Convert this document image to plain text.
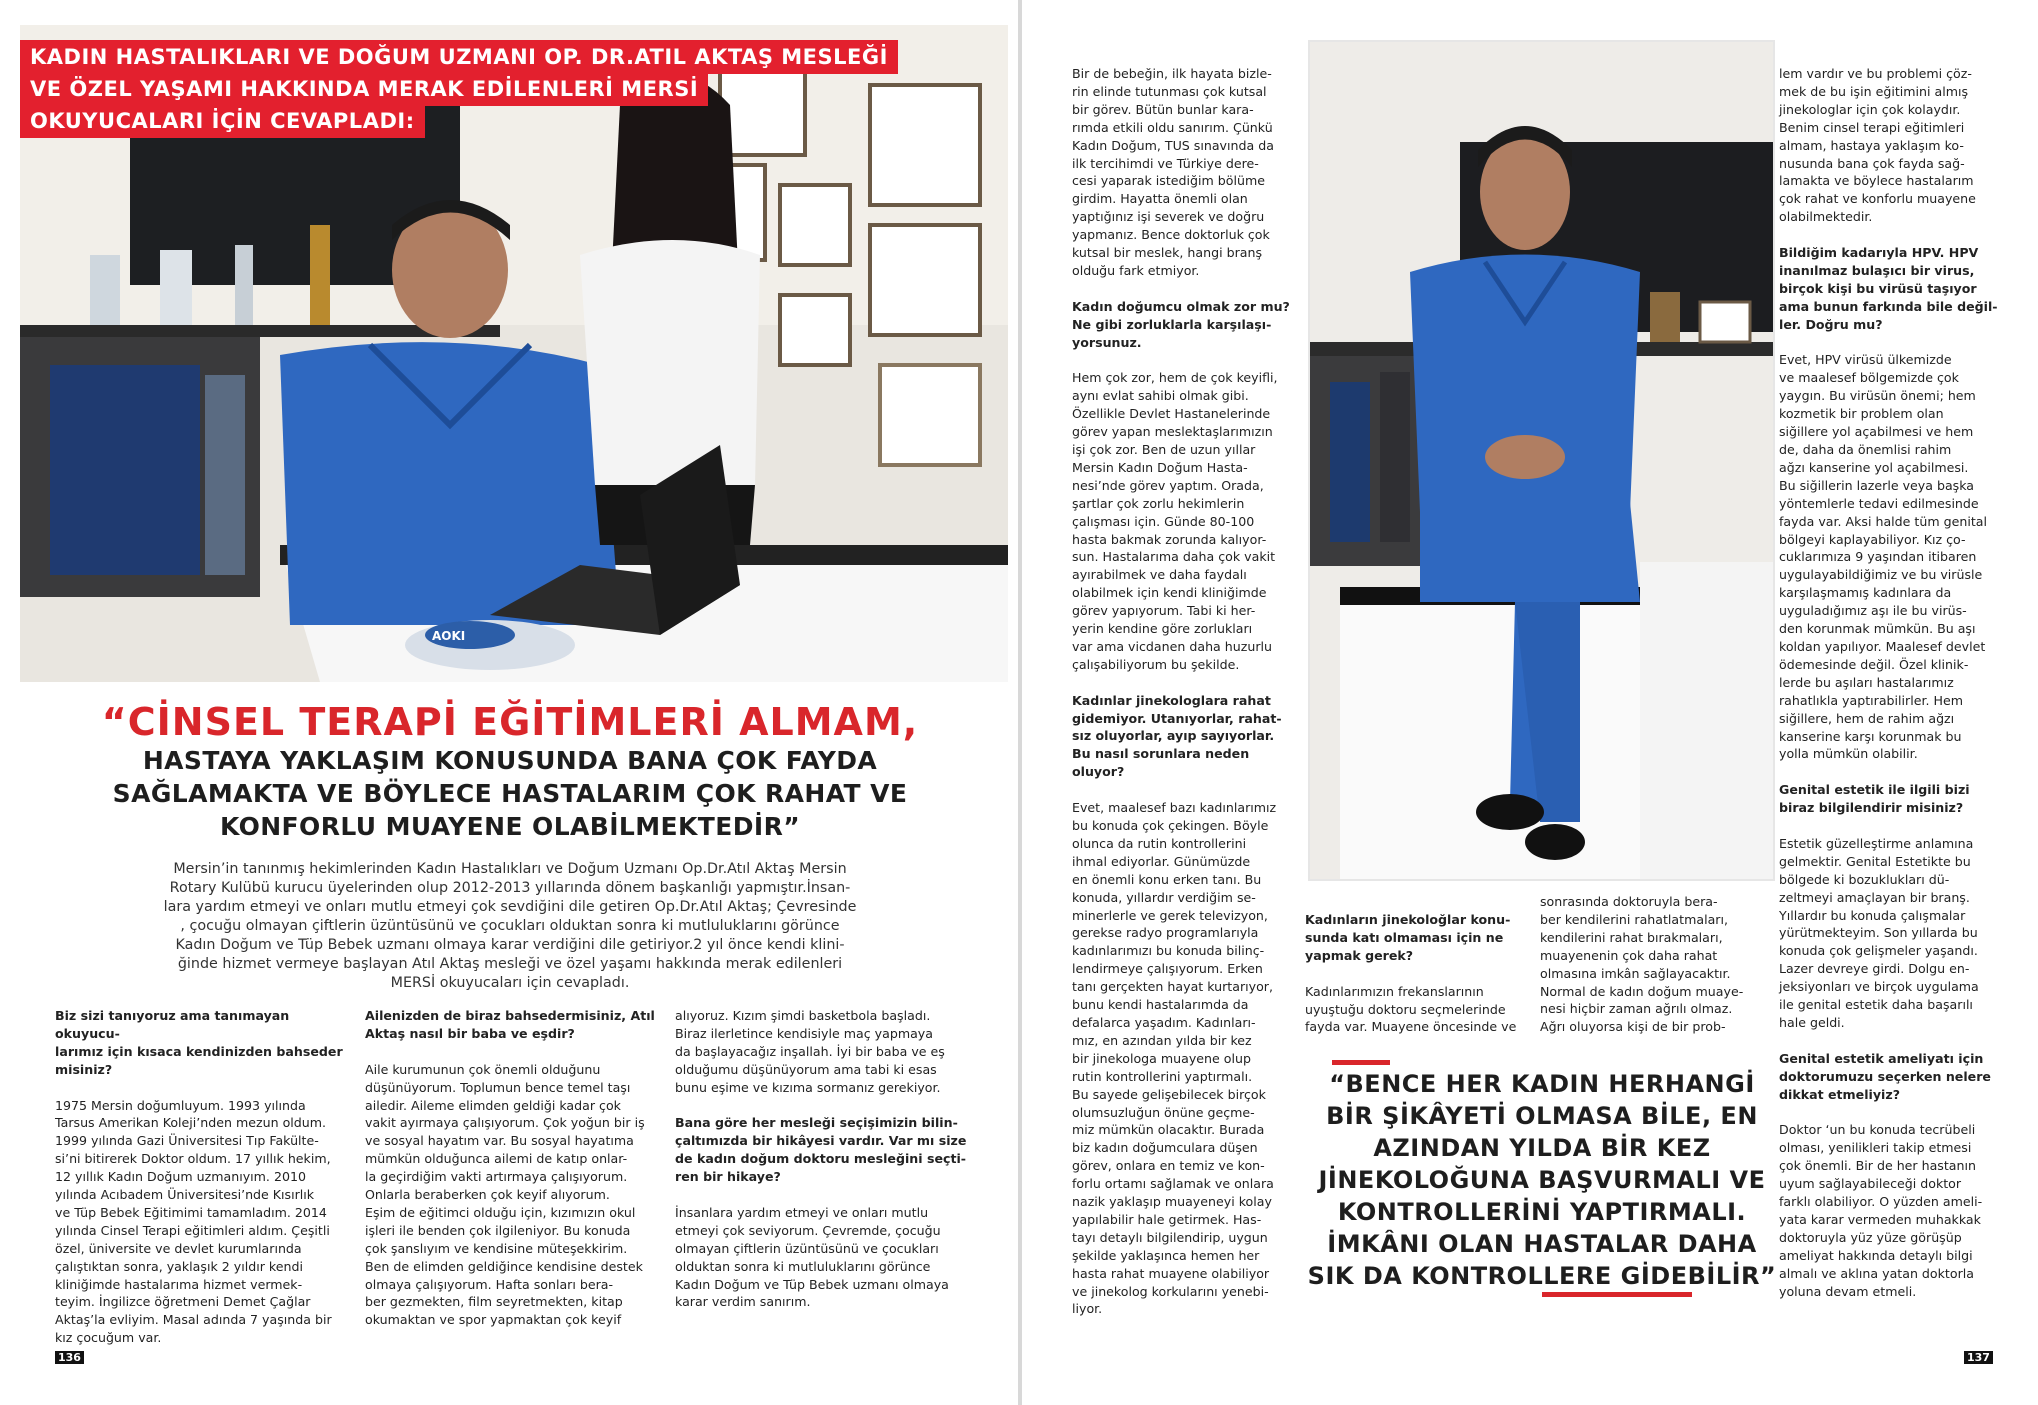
AOKI
KADIN HASTALIKLARI VE DOĞUM UZMANI OP. DR.ATIL AKTAŞ MESLEĞİ
VE ÖZEL YAŞAMI HAKKINDA MERAK EDİLENLERİ MERSİ
OKUYUCALARI İÇİN CEVAPLADI:
“CİNSEL TERAPİ EĞİTİMLERİ ALMAM,
HASTAYA YAKLAŞIM KONUSUNDA BANA ÇOK FAYDA
SAĞLAMAKTA VE BÖYLECE HASTALARIM ÇOK RAHAT VE
KONFORLU MUAYENE OLABİLMEKTEDİR”
Mersin’in tanınmış hekimlerinden Kadın Hastalıkları ve Doğum Uzmanı Op.Dr.Atıl Aktaş Mersin
Rotary Kulübü kurucu üyelerinden olup 2012-2013 yıllarında dönem başkanlığı yapmıştır.İnsan-
lara yardım etmeyi ve onları mutlu etmeyi çok sevdiğini dile getiren Op.Dr.Atıl Aktaş; Çevresinde
, çocuğu olmayan çiftlerin üzüntüsünü ve çocukları olduktan sonra ki mutluluklarını görünce
Kadın Doğum ve Tüp Bebek uzmanı olmaya karar verdiğini dile getiriyor.2 yıl önce kendi klini-
ğinde hizmet vermeye başlayan Atıl Aktaş mesleği ve özel yaşamı hakkında merak edilenleri
MERSİ okuyucaları için cevapladı.

Biz sizi tanıyoruz ama tanımayan okuyucu-
larımız için kısaca kendinizden bahseder
misiniz?

1975 Mersin doğumluyum. 1993 yılında
Tarsus Amerikan Koleji’nden mezun oldum.
1999 yılında Gazi Üniversitesi Tıp Fakülte-
si’ni bitirerek Doktor oldum. 17 yıllık hekim,
12 yıllık Kadın Doğum uzmanıyım. 2010
yılında Acıbadem Üniversitesi’nde Kısırlık
ve Tüp Bebek Eğitimimi tamamladım. 2014
yılında Cinsel Terapi eğitimleri aldım. Çeşitli
özel, üniversite ve devlet kurumlarında
çalıştıktan sonra, yaklaşık 2 yıldır kendi
kliniğimde hastalarıma hizmet vermek-
teyim. İngilizce öğretmeni Demet Çağlar
Aktaş’la evliyim. Masal adında 7 yaşında bir
kız çocuğum var.

Ailenizden de biraz bahsedermisiniz, Atıl
Aktaş nasıl bir baba ve eşdir?

Aile kurumunun çok önemli olduğunu
düşünüyorum. Toplumun bence temel taşı
ailedir. Aileme elimden geldiği kadar çok
vakit ayırmaya çalışıyorum. Çok yoğun bir iş
ve sosyal hayatım var. Bu sosyal hayatıma
mümkün olduğunca ailemi de katıp onlar-
la geçirdiğim vakti artırmaya çalışıyorum.
Onlarla beraberken çok keyif alıyorum.
Eşim de eğitimci olduğu için, kızımızın okul
işleri ile benden çok ilgileniyor. Bu konuda
çok şanslıyım ve kendisine müteşekkirim.
Ben de elimden geldiğince kendisine destek
olmaya çalışıyorum. Hafta sonları bera-
ber gezmekten, film seyretmekten, kitap
okumaktan ve spor yapmaktan çok keyif

alıyoruz. Kızım şimdi basketbola başladı.
Biraz ilerletince kendisiyle maç yapmaya
da başlayacağız inşallah. İyi bir baba ve eş
olduğumu düşünüyorum ama tabi ki esas
bunu eşime ve kızıma sormanız gerekiyor.

Bana göre her mesleği seçişimizin bilin-
çaltımızda bir hikâyesi vardır. Var mı size
de kadın doğum doktoru mesleğini seçti-
ren bir hikaye?

İnsanlara yardım etmeyi ve onları mutlu
etmeyi çok seviyorum. Çevremde, çocuğu
olmayan çiftlerin üzüntüsünü ve çocukları
olduktan sonra ki mutluluklarını görünce
Kadın Doğum ve Tüp Bebek uzmanı olmaya
karar verdim sanırım.

136

Bir de bebeğin, ilk hayata bizle-
rin elinde tutunması çok kutsal
bir görev. Bütün bunlar kara-
rımda etkili oldu sanırım. Çünkü
Kadın Doğum, TUS sınavında da
ilk tercihimdi ve Türkiye dere-
cesi yaparak istediğim bölüme
girdim. Hayatta önemli olan
yaptığınız işi severek ve doğru
yapmanız. Bence doktorluk çok
kutsal bir meslek, hangi branş
olduğu fark etmiyor.

Kadın doğumcu olmak zor mu?
Ne gibi zorluklarla karşılaşı-
yorsunuz.

Hem çok zor, hem de çok keyifli,
aynı evlat sahibi olmak gibi.
Özellikle Devlet Hastanelerinde
görev yapan meslektaşlarımızın
işi çok zor. Ben de uzun yıllar
Mersin Kadın Doğum Hasta-
nesi’nde görev yaptım. Orada,
şartlar çok zorlu hekimlerin
çalışması için. Günde 80-100
hasta bakmak zorunda kalıyor-
sun. Hastalarıma daha çok vakit
ayırabilmek ve daha faydalı
olabilmek için kendi kliniğimde
görev yapıyorum. Tabi ki her-
yerin kendine göre zorlukları
var ama vicdanen daha huzurlu
çalışabiliyorum bu şekilde.

Kadınlar jinekologlara rahat
gidemiyor. Utanıyorlar, rahat-
sız oluyorlar, ayıp sayıyorlar.
Bu nasıl sorunlara neden
oluyor?

Evet, maalesef bazı kadınlarımız
bu konuda çok çekingen. Böyle
olunca da rutin kontrollerini
ihmal ediyorlar. Günümüzde
en önemli konu erken tanı. Bu
konuda, yıllardır verdiğim se-
minerlerle ve gerek televizyon,
gerekse radyo programlarıyla
kadınlarımızı bu konuda bilinç-
lendirmeye çalışıyorum. Erken
tanı gerçekten hayat kurtarıyor,
bunu kendi hastalarımda da
defalarca yaşadım. Kadınları-
mız, en azından yılda bir kez
bir jinekologa muayene olup
rutin kontrollerini yaptırmalı.
Bu sayede gelişebilecek birçok
olumsuzluğun önüne geçme-
miz mümkün olacaktır. Burada
biz kadın doğumculara düşen
görev, onlara en temiz ve kon-
forlu ortamı sağlamak ve onlara
nazik yaklaşıp muayeneyi kolay
yapılabilir hale getirmek. Has-
tayı detaylı bilgilendirip, uygun
şekilde yaklaşınca hemen her
hasta rahat muayene olabiliyor
ve jinekolog korkularını yenebi-
liyor.

lem vardır ve bu problemi çöz-
mek de bu işin eğitimini almış
jinekologlar için çok kolaydır.
Benim cinsel terapi eğitimleri
almam, hastaya yaklaşım ko-
nusunda bana çok fayda sağ-
lamakta ve böylece hastalarım
çok rahat ve konforlu muayene
olabilmektedir.

Bildiğim kadarıyla HPV. HPV
inanılmaz bulaşıcı bir virus,
birçok kişi bu virüsü taşıyor
ama bunun farkında bile değil-
ler. Doğru mu?

Evet, HPV virüsü ülkemizde
ve maalesef bölgemizde çok
yaygın. Bu virüsün önemi; hem
kozmetik bir problem olan
siğillere yol açabilmesi ve hem
de, daha da önemlisi rahim
ağzı kanserine yol açabilmesi.
Bu siğillerin lazerle veya başka
yöntemlerle tedavi edilmesinde
fayda var. Aksi halde tüm genital
bölgeyi kaplayabiliyor. Kız ço-
cuklarımıza 9 yaşından itibaren
uygulayabildiğimiz ve bu virüsle
karşılaşmamış kadınlara da
uyguladığımız aşı ile bu virüs-
den korunmak mümkün. Bu aşı
koldan yapılıyor. Maalesef devlet
ödemesinde değil. Özel klinik-
lerde bu aşıları hastalarımız
rahatlıkla yaptırabilirler. Hem
siğillere, hem de rahim ağzı
kanserine karşı korunmak bu
yolla mümkün olabilir.

Genital estetik ile ilgili bizi
biraz bilgilendirir misiniz?

Estetik güzelleştirme anlamına
gelmektir. Genital Estetikte bu
bölgede ki bozuklukları dü-
zeltmeyi amaçlayan bir branş.
Yıllardır bu konuda çalışmalar
yürütmekteyim. Son yıllarda bu
konuda çok gelişmeler yaşandı.
Lazer devreye girdi. Dolgu en-
jeksiyonları ve birçok uygulama
ile genital estetik daha başarılı
hale geldi.

Genital estetik ameliyatı için
doktorumuzu seçerken nelere
dikkat etmeliyiz?

Doktor ‘un bu konuda tecrübeli
olması, yenilikleri takip etmesi
çok önemli. Bir de her hastanın
uyum sağlayabileceği doktor
farklı olabiliyor. O yüzden ameli-
yata karar vermeden muhakkak
doktoruyla yüz yüze görüşüp
ameliyat hakkında detaylı bilgi
almalı ve aklına yatan doktorla
yoluna devam etmeli.

Kadınların jinekoloğlar konu-
sunda katı olmaması için ne
yapmak gerek?

Kadınlarımızın frekanslarının
uyuştuğu doktoru seçmelerinde
fayda var. Muayene öncesinde ve

sonrasında doktoruyla bera-
ber kendilerini rahatlatmaları,
kendilerini rahat bırakmaları,
muayenenin çok daha rahat
olmasına imkân sağlayacaktır.
Normal de kadın doğum muaye-
nesi hiçbir zaman ağrılı olmaz.
Ağrı oluyorsa kişi de bir prob-

“BENCE HER KADIN HERHANGİ
BİR ŞİKÂYETİ OLMASA BİLE, EN
AZINDAN YILDA BİR KEZ
JİNEKOLOĞUNA BAŞVURMALI VE
KONTROLLERİNİ YAPTIRMALI.
İMKÂNI OLAN HASTALAR DAHA
SIK DA KONTROLLERE GİDEBİLİR”
137
